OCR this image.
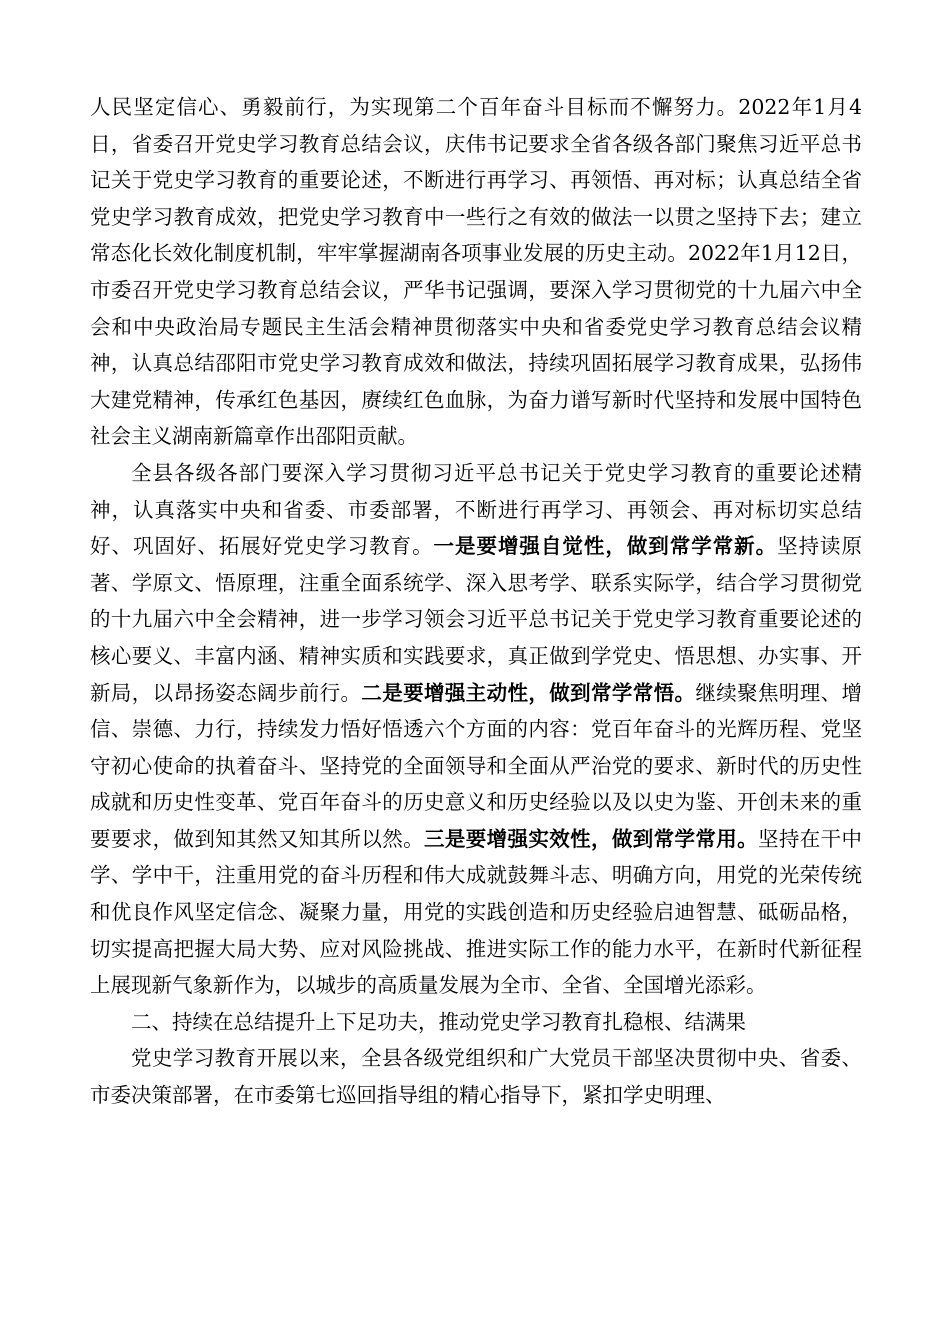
人民坚定信心、勇毅前行，为实现第二个百年奋斗目标而不懈努力。2022年1月4日，省委召开党史学习教育总结会议，庆伟书记要求全省各级各部门聚焦习近平总书记关于党史学习教育的重要论述，不断进行再学习、再领悟、再对标；认真总结全省党史学习教育成效，把党史学习教育中一些行之有效的做法一以贯之坚持下去；建立常态化长效化制度机制，牢牢掌握湖南各项事业发展的历史主动。2022年1月12日，市委召开党史学习教育总结会议，严华书记强调，要深入学习贯彻党的十九届六中全会和中央政治局专题民主生活会精神贯彻落实中央和省委党史学习教育总结会议精神，认真总结邵阳市党史学习教育成效和做法，持续巩固拓展学习教育成果，弘扬伟大建党精神，传承红色基因，赓续红色血脉，为奋力谱写新时代坚持和发展中国特色社会主义湖南新篇章作出邵阳贡献。

全县各级各部门要深入学习贯彻习近平总书记关于党史学习教育的重要论述精神，认真落实中央和省委、市委部署，不断进行再学习、再领会、再对标切实总结好、巩固好、拓展好党史学习教育。一是要增强自觉性，做到常学常新。坚持读原著、学原文、悟原理，注重全面系统学、深入思考学、联系实际学，结合学习贯彻党的十九届六中全会精神，进一步学习领会习近平总书记关于党史学习教育重要论述的核心要义、丰富内涵、精神实质和实践要求，真正做到学党史、悟思想、办实事、开新局，以昂扬姿态阔步前行。二是要增强主动性，做到常学常悟。继续聚焦明理、增信、崇德、力行，持续发力悟好悟透六个方面的内容：党百年奋斗的光辉历程、党坚守初心使命的执着奋斗、坚持党的全面领导和全面从严治党的要求、新时代的历史性成就和历史性变革、党百年奋斗的历史意义和历史经验以及以史为鉴、开创未来的重要要求，做到知其然又知其所以然。三是要增强实效性，做到常学常用。坚持在干中学、学中干，注重用党的奋斗历程和伟大成就鼓舞斗志、明确方向，用党的光荣传统和优良作风坚定信念、凝聚力量，用党的实践创造和历史经验启迪智慧、砥砺品格，切实提高把握大局大势、应对风险挑战、推进实际工作的能力水平，在新时代新征程上展现新气象新作为，以城步的高质量发展为全市、全省、全国增光添彩。

二、持续在总结提升上下足功夫，推动党史学习教育扎稳根、结满果

党史学习教育开展以来，全县各级党组织和广大党员干部坚决贯彻中央、省委、市委决策部署，在市委第七巡回指导组的精心指导下，紧扣学史明理、
